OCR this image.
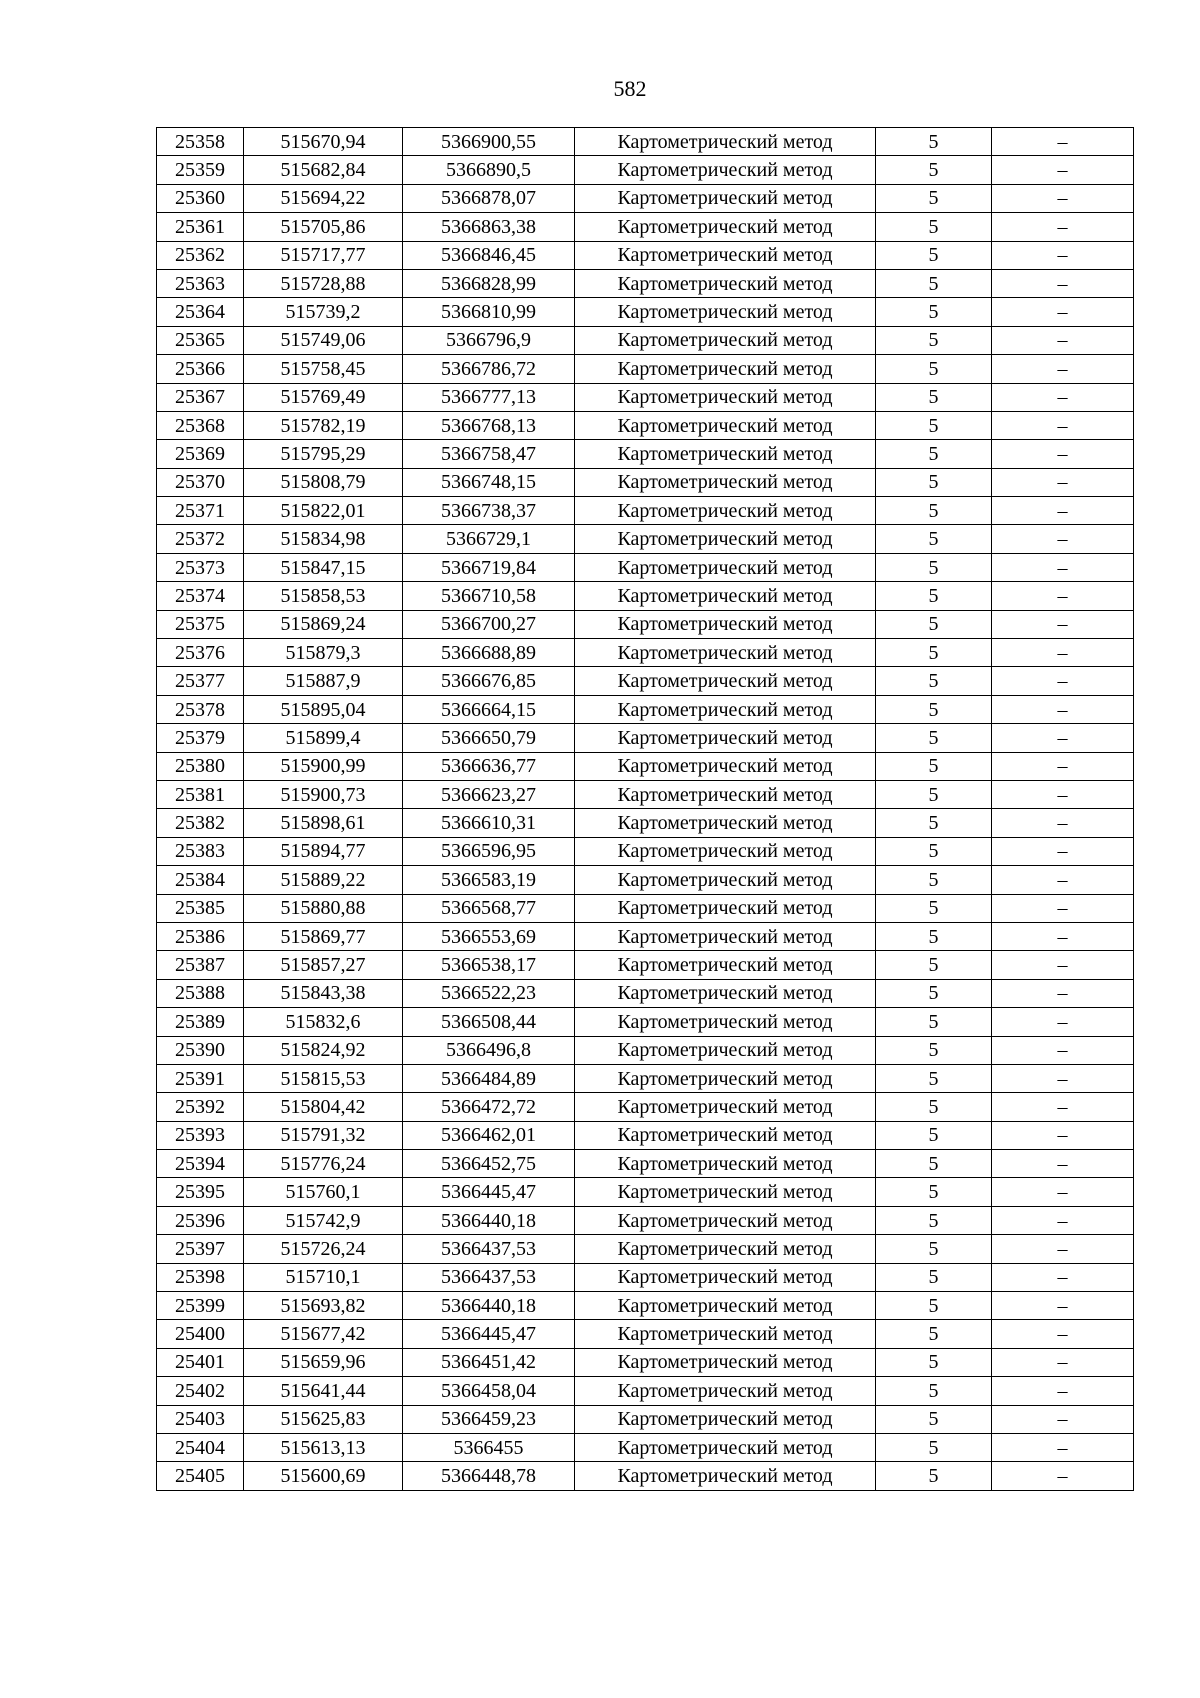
582
25358	515670,94	5366900,55	Картометрический метод	5	–
25359	515682,84	5366890,5	Картометрический метод	5	–
25360	515694,22	5366878,07	Картометрический метод	5	–
25361	515705,86	5366863,38	Картометрический метод	5	–
25362	515717,77	5366846,45	Картометрический метод	5	–
25363	515728,88	5366828,99	Картометрический метод	5	–
25364	515739,2	5366810,99	Картометрический метод	5	–
25365	515749,06	5366796,9	Картометрический метод	5	–
25366	515758,45	5366786,72	Картометрический метод	5	–
25367	515769,49	5366777,13	Картометрический метод	5	–
25368	515782,19	5366768,13	Картометрический метод	5	–
25369	515795,29	5366758,47	Картометрический метод	5	–
25370	515808,79	5366748,15	Картометрический метод	5	–
25371	515822,01	5366738,37	Картометрический метод	5	–
25372	515834,98	5366729,1	Картометрический метод	5	–
25373	515847,15	5366719,84	Картометрический метод	5	–
25374	515858,53	5366710,58	Картометрический метод	5	–
25375	515869,24	5366700,27	Картометрический метод	5	–
25376	515879,3	5366688,89	Картометрический метод	5	–
25377	515887,9	5366676,85	Картометрический метод	5	–
25378	515895,04	5366664,15	Картометрический метод	5	–
25379	515899,4	5366650,79	Картометрический метод	5	–
25380	515900,99	5366636,77	Картометрический метод	5	–
25381	515900,73	5366623,27	Картометрический метод	5	–
25382	515898,61	5366610,31	Картометрический метод	5	–
25383	515894,77	5366596,95	Картометрический метод	5	–
25384	515889,22	5366583,19	Картометрический метод	5	–
25385	515880,88	5366568,77	Картометрический метод	5	–
25386	515869,77	5366553,69	Картометрический метод	5	–
25387	515857,27	5366538,17	Картометрический метод	5	–
25388	515843,38	5366522,23	Картометрический метод	5	–
25389	515832,6	5366508,44	Картометрический метод	5	–
25390	515824,92	5366496,8	Картометрический метод	5	–
25391	515815,53	5366484,89	Картометрический метод	5	–
25392	515804,42	5366472,72	Картометрический метод	5	–
25393	515791,32	5366462,01	Картометрический метод	5	–
25394	515776,24	5366452,75	Картометрический метод	5	–
25395	515760,1	5366445,47	Картометрический метод	5	–
25396	515742,9	5366440,18	Картометрический метод	5	–
25397	515726,24	5366437,53	Картометрический метод	5	–
25398	515710,1	5366437,53	Картометрический метод	5	–
25399	515693,82	5366440,18	Картометрический метод	5	–
25400	515677,42	5366445,47	Картометрический метод	5	–
25401	515659,96	5366451,42	Картометрический метод	5	–
25402	515641,44	5366458,04	Картометрический метод	5	–
25403	515625,83	5366459,23	Картометрический метод	5	–
25404	515613,13	5366455	Картометрический метод	5	–
25405	515600,69	5366448,78	Картометрический метод	5	–
